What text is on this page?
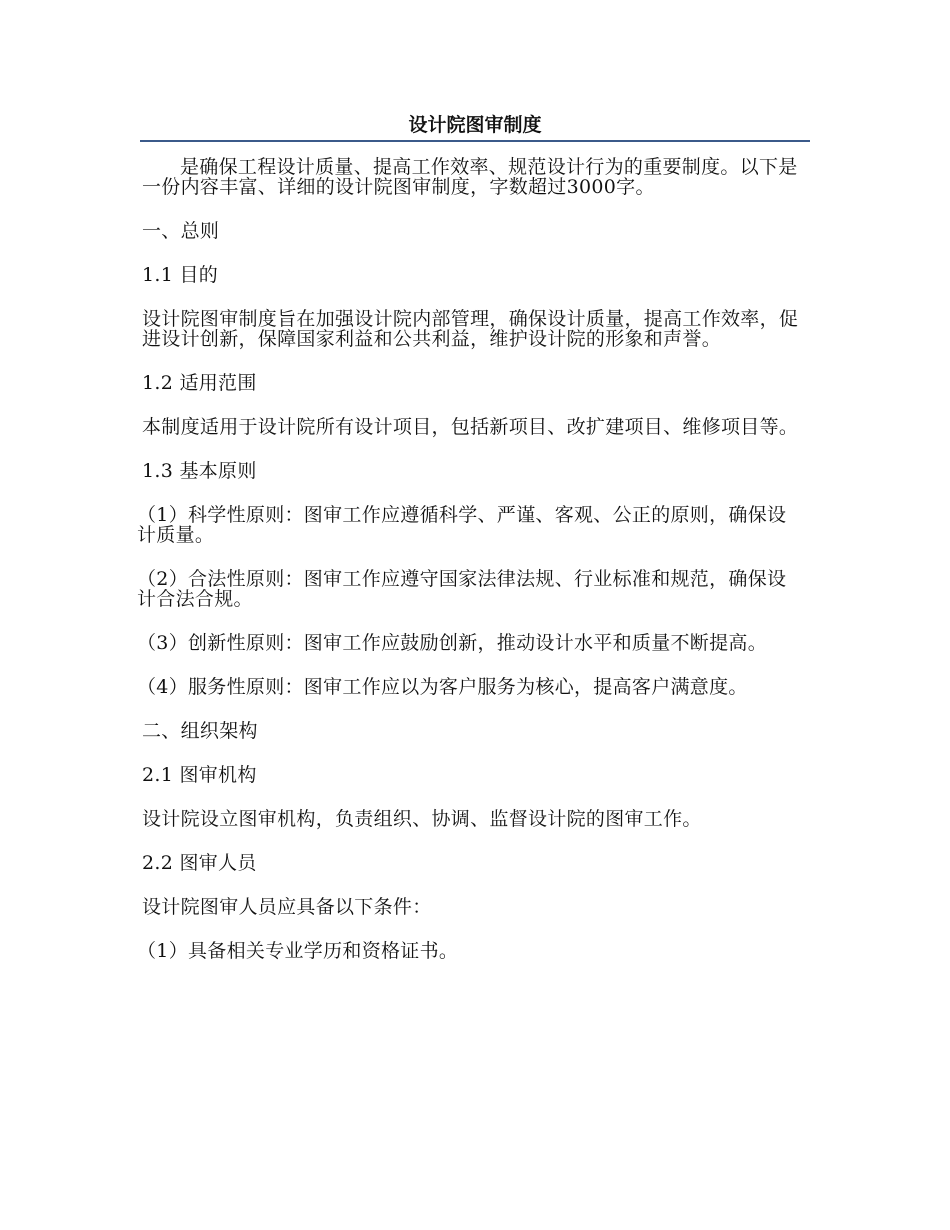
设计院图审制度

是确保工程设计质量、提高工作效率、规范设计行为的重要制度。以下是一份内容丰富、详细的设计院图审制度，字数超过3000字。

一、总则

1.1 目的

设计院图审制度旨在加强设计院内部管理，确保设计质量，提高工作效率，促进设计创新，保障国家利益和公共利益，维护设计院的形象和声誉。

1.2 适用范围

本制度适用于设计院所有设计项目，包括新项目、改扩建项目、维修项目等。

1.3 基本原则

（1）科学性原则：图审工作应遵循科学、严谨、客观、公正的原则，确保设计质量。

（2）合法性原则：图审工作应遵守国家法律法规、行业标准和规范，确保设计合法合规。

（3）创新性原则：图审工作应鼓励创新，推动设计水平和质量不断提高。

（4）服务性原则：图审工作应以为客户服务为核心，提高客户满意度。

二、组织架构

2.1 图审机构

设计院设立图审机构，负责组织、协调、监督设计院的图审工作。

2.2 图审人员

设计院图审人员应具备以下条件：

（1）具备相关专业学历和资格证书。
